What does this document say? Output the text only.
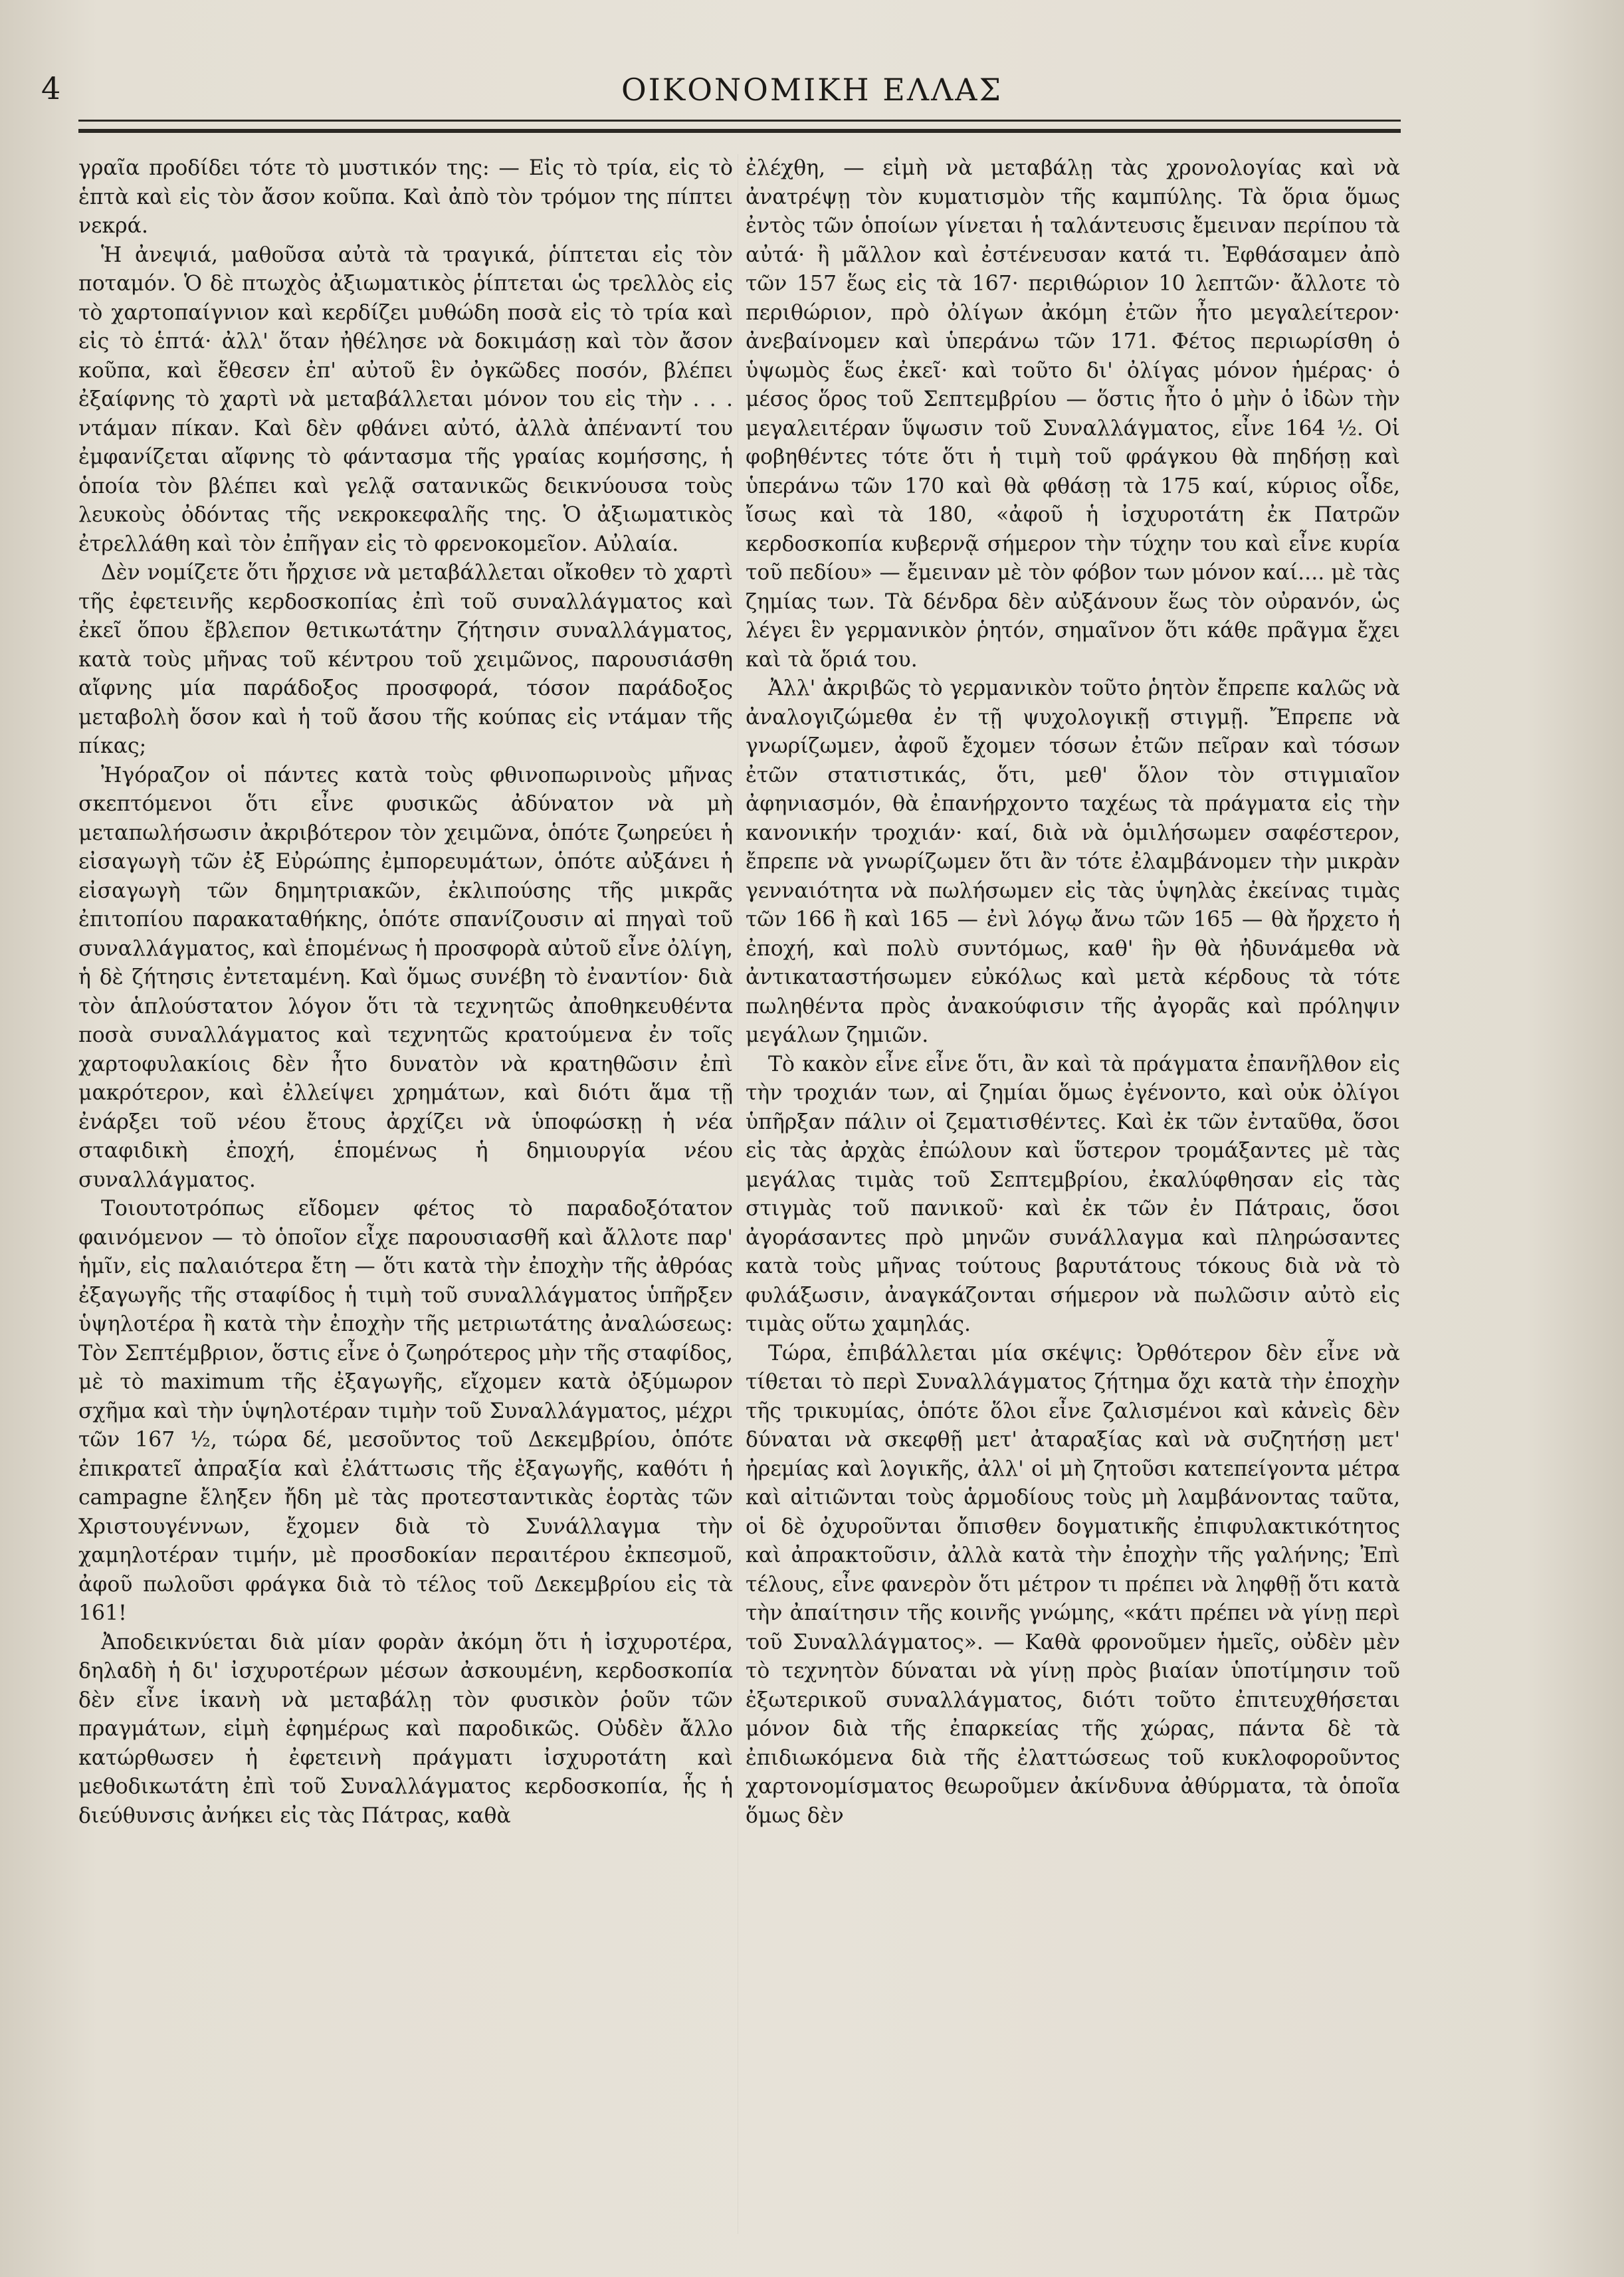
4	ΟΙΚΟΝΟΜΙΚΗ ΕΛΛΑΣ

γραῖα προδίδει τότε τὸ μυστικόν της: — Εἰς τὸ τρία, εἰς τὸ ἑπτὰ καὶ εἰς τὸν ἄσον κοῦπα. Καὶ ἀπὸ τὸν τρόμον της πίπτει νεκρά.

Ἡ ἀνεψιά, μαθοῦσα αὐτὰ τὰ τραγικά, ῥίπτεται εἰς τὸν ποταμόν. Ὁ δὲ πτωχὸς ἀξιωματικὸς ῥίπτεται ὡς τρελλὸς εἰς τὸ χαρτοπαίγνιον καὶ κερδίζει μυθώδη ποσὰ εἰς τὸ τρία καὶ εἰς τὸ ἑπτά· ἀλλ' ὅταν ἠθέλησε νὰ δοκιμάσῃ καὶ τὸν ἄσον κοῦπα, καὶ ἔθεσεν ἐπ' αὐτοῦ ἓν ὀγκῶδες ποσόν, βλέπει ἐξαίφνης τὸ χαρτὶ νὰ μεταβάλλεται μόνον του εἰς τὴν . . . ντάμαν πίκαν. Καὶ δὲν φθάνει αὐτό, ἀλλὰ ἀπέναντί του ἐμφανίζεται αἴφνης τὸ φάντασμα τῆς γραίας κομήσσης, ἡ ὁποία τὸν βλέπει καὶ γελᾷ σατανικῶς δεικνύουσα τοὺς λευκοὺς ὀδόντας τῆς νεκροκεφαλῆς της. Ὁ ἀξιωματικὸς ἐτρελλάθη καὶ τὸν ἐπῆγαν εἰς τὸ φρενοκομεῖον. Αὐλαία.

Δὲν νομίζετε ὅτι ἤρχισε νὰ μεταβάλλεται οἴκοθεν τὸ χαρτὶ τῆς ἐφετεινῆς κερδοσκοπίας ἐπὶ τοῦ συναλλάγματος καὶ ἐκεῖ ὅπου ἔβλεπον θετικωτάτην ζήτησιν συναλλάγματος, κατὰ τοὺς μῆνας τοῦ κέντρου τοῦ χειμῶνος, παρουσιάσθη αἴφνης μία παράδοξος προσφορά, τόσον παράδοξος μεταβολὴ ὅσον καὶ ἡ τοῦ ἄσου τῆς κούπας εἰς ντάμαν τῆς πίκας;

Ἠγόραζον οἱ πάντες κατὰ τοὺς φθινοπωρινοὺς μῆνας σκεπτόμενοι ὅτι εἶνε φυσικῶς ἀδύνατον νὰ μὴ μεταπωλήσωσιν ἀκριβότερον τὸν χειμῶνα, ὁπότε ζωηρεύει ἡ εἰσαγωγὴ τῶν ἐξ Εὐρώπης ἐμπορευμάτων, ὁπότε αὐξάνει ἡ εἰσαγωγὴ τῶν δημητριακῶν, ἐκλιπούσης τῆς μικρᾶς ἐπιτοπίου παρακαταθήκης, ὁπότε σπανίζουσιν αἱ πηγαὶ τοῦ συναλλάγματος, καὶ ἑπομένως ἡ προσφορὰ αὐτοῦ εἶνε ὀλίγη, ἡ δὲ ζήτησις ἐντεταμένη. Καὶ ὅμως συνέβη τὸ ἐναντίον· διὰ τὸν ἁπλούστατον λόγον ὅτι τὰ τεχνητῶς ἀποθηκευθέντα ποσὰ συναλλάγματος καὶ τεχνητῶς κρατούμενα ἐν τοῖς χαρτοφυλακίοις δὲν ἦτο δυνατὸν νὰ κρατηθῶσιν ἐπὶ μακρότερον, καὶ ἐλλείψει χρημάτων, καὶ διότι ἅμα τῇ ἐνάρξει τοῦ νέου ἔτους ἀρχίζει νὰ ὑποφώσκῃ ἡ νέα σταφιδικὴ ἐποχή, ἑπομένως ἡ δημιουργία νέου συναλλάγματος.

Τοιουτοτρόπως εἴδομεν φέτος τὸ παραδοξότατον φαινόμενον — τὸ ὁποῖον εἶχε παρουσιασθῆ καὶ ἄλλοτε παρ' ἡμῖν, εἰς παλαιότερα ἔτη — ὅτι κατὰ τὴν ἐποχὴν τῆς ἀθρόας ἐξαγωγῆς τῆς σταφίδος ἡ τιμὴ τοῦ συναλλάγματος ὑπῆρξεν ὑψηλοτέρα ἢ κατὰ τὴν ἐποχὴν τῆς μετριωτάτης ἀναλώσεως: Τὸν Σεπτέμβριον, ὅστις εἶνε ὁ ζωηρότερος μὴν τῆς σταφίδος, μὲ τὸ maximum τῆς ἐξαγωγῆς, εἴχομεν κατὰ ὀξύμωρον σχῆμα καὶ τὴν ὑψηλοτέραν τιμὴν τοῦ Συναλλάγματος, μέχρι τῶν 167 ½, τώρα δέ, μεσοῦντος τοῦ Δεκεμβρίου, ὁπότε ἐπικρατεῖ ἀπραξία καὶ ἐλάττωσις τῆς ἐξαγωγῆς, καθότι ἡ campagne ἔληξεν ἤδη μὲ τὰς προτεσταντικὰς ἑορτὰς τῶν Χριστουγέννων, ἔχομεν διὰ τὸ Συνάλλαγμα τὴν χαμηλοτέραν τιμήν, μὲ προσδοκίαν περαιτέρου ἐκπεσμοῦ, ἀφοῦ πωλοῦσι φράγκα διὰ τὸ τέλος τοῦ Δεκεμβρίου εἰς τὰ 161!

Ἀποδεικνύεται διὰ μίαν φορὰν ἀκόμη ὅτι ἡ ἰσχυροτέρα, δηλαδὴ ἡ δι' ἰσχυροτέρων μέσων ἀσκουμένη, κερδοσκοπία δὲν εἶνε ἱκανὴ νὰ μεταβάλῃ τὸν φυσικὸν ῥοῦν τῶν πραγμάτων, εἰμὴ ἐφημέρως καὶ παροδικῶς. Οὐδὲν ἄλλο κατώρθωσεν ἡ ἐφετεινὴ πράγματι ἰσχυροτάτη καὶ μεθοδικωτάτη ἐπὶ τοῦ Συναλλάγματος κερδοσκοπία, ἧς ἡ διεύθυνσις ἀνήκει εἰς τὰς Πάτρας, καθὰ

ἐλέχθη, — εἰμὴ νὰ μεταβάλῃ τὰς χρονολογίας καὶ νὰ ἀνατρέψῃ τὸν κυματισμὸν τῆς καμπύλης. Τὰ ὅρια ὅμως ἐντὸς τῶν ὁποίων γίνεται ἡ ταλάντευσις ἔμειναν περίπου τὰ αὐτά· ἢ μᾶλλον καὶ ἐστένευσαν κατά τι. Ἐφθάσαμεν ἀπὸ τῶν 157 ἕως εἰς τὰ 167· περιθώριον 10 λεπτῶν· ἄλλοτε τὸ περιθώριον, πρὸ ὀλίγων ἀκόμη ἐτῶν ἦτο μεγαλείτερον· ἀνεβαίνομεν καὶ ὑπεράνω τῶν 171. Φέτος περιωρίσθη ὁ ὑψωμὸς ἕως ἐκεῖ· καὶ τοῦτο δι' ὀλίγας μόνον ἡμέρας· ὁ μέσος ὅρος τοῦ Σεπτεμβρίου — ὅστις ἦτο ὁ μὴν ὁ ἰδὼν τὴν μεγαλειτέραν ὕψωσιν τοῦ Συναλλάγματος, εἶνε 164 ½. Οἱ φοβηθέντες τότε ὅτι ἡ τιμὴ τοῦ φράγκου θὰ πηδήσῃ καὶ ὑπεράνω τῶν 170 καὶ θὰ φθάσῃ τὰ 175 καί, κύριος οἶδε, ἴσως καὶ τὰ 180, «ἀφοῦ ἡ ἰσχυροτάτη ἐκ Πατρῶν κερδοσκοπία κυβερνᾷ σήμερον τὴν τύχην του καὶ εἶνε κυρία τοῦ πεδίου» — ἔμειναν μὲ τὸν φόβον των μόνον καί.... μὲ τὰς ζημίας των. Τὰ δένδρα δὲν αὐξάνουν ἕως τὸν οὐρανόν, ὡς λέγει ἓν γερμανικὸν ῥητόν, σημαῖνον ὅτι κάθε πρᾶγμα ἔχει καὶ τὰ ὅριά του.

Ἀλλ' ἀκριβῶς τὸ γερμανικὸν τοῦτο ῥητὸν ἔπρεπε καλῶς νὰ ἀναλογιζώμεθα ἐν τῇ ψυχολογικῇ στιγμῇ. Ἔπρεπε νὰ γνωρίζωμεν, ἀφοῦ ἔχομεν τόσων ἐτῶν πεῖραν καὶ τόσων ἐτῶν στατιστικάς, ὅτι, μεθ' ὅλον τὸν στιγμιαῖον ἀφηνιασμόν, θὰ ἐπανήρχοντο ταχέως τὰ πράγματα εἰς τὴν κανονικήν τροχιάν· καί, διὰ νὰ ὁμιλήσωμεν σαφέστερον, ἔπρεπε νὰ γνωρίζωμεν ὅτι ἂν τότε ἐλαμβάνομεν τὴν μικρὰν γενναιότητα νὰ πωλήσωμεν εἰς τὰς ὑψηλὰς ἐκείνας τιμὰς τῶν 166 ἢ καὶ 165 — ἐνὶ λόγῳ ἄνω τῶν 165 — θὰ ἤρχετο ἡ ἐποχή, καὶ πολὺ συντόμως, καθ' ἣν θὰ ἠδυνάμεθα νὰ ἀντικαταστήσωμεν εὐκόλως καὶ μετὰ κέρδους τὰ τότε πωληθέντα πρὸς ἀνακούφισιν τῆς ἀγορᾶς καὶ πρόληψιν μεγάλων ζημιῶν.

Τὸ κακὸν εἶνε εἶνε ὅτι, ἂν καὶ τὰ πράγματα ἐπανῆλθον εἰς τὴν τροχιάν των, αἱ ζημίαι ὅμως ἐγένοντο, καὶ οὐκ ὀλίγοι ὑπῆρξαν πάλιν οἱ ζεματισθέντες. Καὶ ἐκ τῶν ἐνταῦθα, ὅσοι εἰς τὰς ἀρχὰς ἐπώλουν καὶ ὕστερον τρομάξαντες μὲ τὰς μεγάλας τιμὰς τοῦ Σεπτεμβρίου, ἐκαλύφθησαν εἰς τὰς στιγμὰς τοῦ πανικοῦ· καὶ ἐκ τῶν ἐν Πάτραις, ὅσοι ἀγοράσαντες πρὸ μηνῶν συνάλλαγμα καὶ πληρώσαντες κατὰ τοὺς μῆνας τούτους βαρυτάτους τόκους διὰ νὰ τὸ φυλάξωσιν, ἀναγκάζονται σήμερον νὰ πωλῶσιν αὐτὸ εἰς τιμὰς οὕτω χαμηλάς.

Τώρα, ἐπιβάλλεται μία σκέψις: Ὀρθότερον δὲν εἶνε νὰ τίθεται τὸ περὶ Συναλλάγματος ζήτημα ὄχι κατὰ τὴν ἐποχὴν τῆς τρικυμίας, ὁπότε ὅλοι εἶνε ζαλισμένοι καὶ κἀνεὶς δὲν δύναται νὰ σκεφθῇ μετ' ἀταραξίας καὶ νὰ συζητήσῃ μετ' ἠρεμίας καὶ λογικῆς, ἀλλ' οἱ μὴ ζητοῦσι κατεπείγοντα μέτρα καὶ αἰτιῶνται τοὺς ἁρμοδίους τοὺς μὴ λαμβάνοντας ταῦτα, οἱ δὲ ὀχυροῦνται ὄπισθεν δογματικῆς ἐπιφυλακτικότητος καὶ ἀπρακτοῦσιν, ἀλλὰ κατὰ τὴν ἐποχὴν τῆς γαλήνης; Ἐπὶ τέλους, εἶνε φανερὸν ὅτι μέτρον τι πρέπει νὰ ληφθῇ ὅτι κατὰ τὴν ἀπαίτησιν τῆς κοινῆς γνώμης, «κάτι πρέπει νὰ γίνῃ περὶ τοῦ Συναλλάγματος». — Καθὰ φρονοῦμεν ἡμεῖς, οὐδὲν μὲν τὸ τεχνητὸν δύναται νὰ γίνῃ πρὸς βιαίαν ὑποτίμησιν τοῦ ἐξωτερικοῦ συναλλάγματος, διότι τοῦτο ἐπιτευχθήσεται μόνον διὰ τῆς ἐπαρκείας τῆς χώρας, πάντα δὲ τὰ ἐπιδιωκόμενα διὰ τῆς ἐλαττώσεως τοῦ κυκλοφοροῦντος χαρτονομίσματος θεωροῦμεν ἀκίνδυνα ἀθύρματα, τὰ ὁποῖα ὅμως δὲν
